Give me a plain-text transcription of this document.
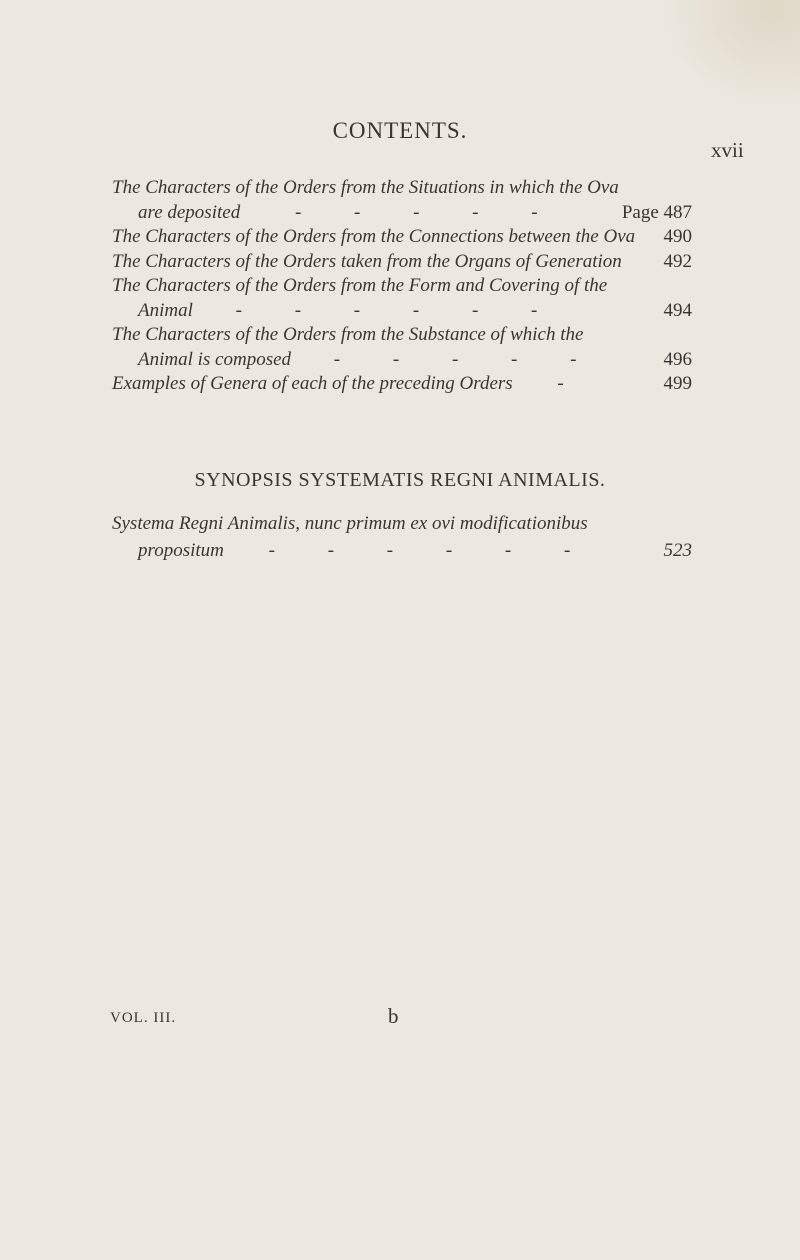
CONTENTS.
xvii
The Characters of the Orders from the Situations in which the Ova
are deposited	- - - - -	Page 487
The Characters of the Orders from the Connections between the Ova	490
The Characters of the Orders taken from the Organs of Generation	492
The Characters of the Orders from the Form and Covering of the
Animal - - - - - -	494
The Characters of the Orders from the Substance of which the
Animal is composed - - - - -	496
Examples of Genera of each of the preceding Orders -	499
SYNOPSIS SYSTEMATIS REGNI ANIMALIS.
Systema Regni Animalis, nunc primum ex ovi modificationibus
propositum - - - - - -	523
VOL. III.	b
